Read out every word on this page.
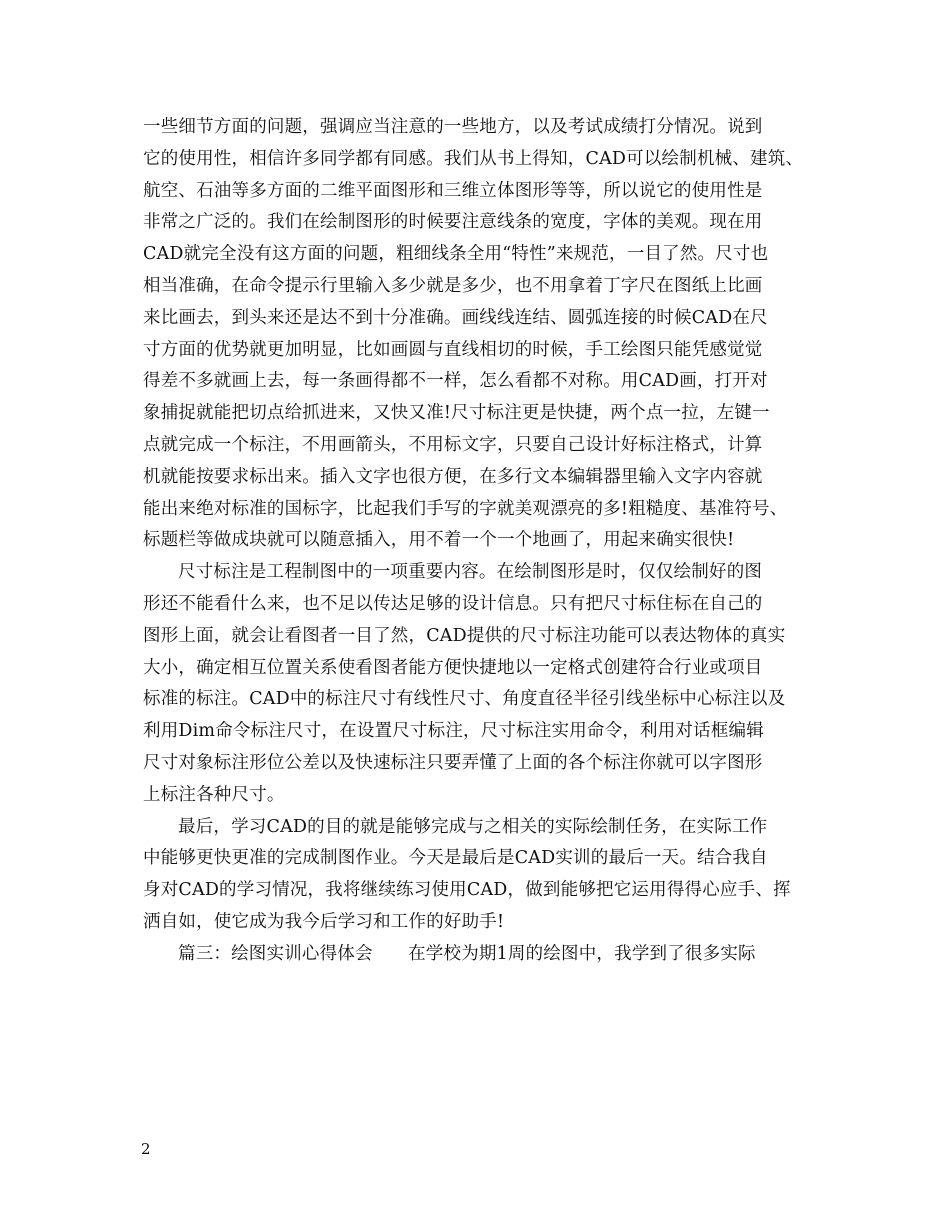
一些细节方面的问题，强调应当注意的一些地方，以及考试成绩打分情况。说到
它的使用性，相信许多同学都有同感。我们从书上得知，CAD可以绘制机械、建筑、
航空、石油等多方面的二维平面图形和三维立体图形等等，所以说它的使用性是
非常之广泛的。我们在绘制图形的时候要注意线条的宽度，字体的美观。现在用
CAD就完全没有这方面的问题，粗细线条全用“特性”来规范，一目了然。尺寸也
相当准确，在命令提示行里输入多少就是多少，也不用拿着丁字尺在图纸上比画
来比画去，到头来还是达不到十分准确。画线线连结、圆弧连接的时候CAD在尺
寸方面的优势就更加明显，比如画圆与直线相切的时候，手工绘图只能凭感觉觉
得差不多就画上去，每一条画得都不一样，怎么看都不对称。用CAD画，打开对
象捕捉就能把切点给抓进来，又快又准!尺寸标注更是快捷，两个点一拉，左键一
点就完成一个标注，不用画箭头，不用标文字，只要自己设计好标注格式，计算
机就能按要求标出来。插入文字也很方便，在多行文本编辑器里输入文字内容就
能出来绝对标准的国标字，比起我们手写的字就美观漂亮的多!粗糙度、基准符号、
标题栏等做成块就可以随意插入，用不着一个一个地画了，用起来确实很快!
尺寸标注是工程制图中的一项重要内容。在绘制图形是时，仅仅绘制好的图
形还不能看什么来，也不足以传达足够的设计信息。只有把尺寸标住标在自己的
图形上面，就会让看图者一目了然，CAD提供的尺寸标注功能可以表达物体的真实
大小，确定相互位置关系使看图者能方便快捷地以一定格式创建符合行业或项目
标准的标注。CAD中的标注尺寸有线性尺寸、角度直径半径引线坐标中心标注以及
利用Dim命令标注尺寸，在设置尺寸标注，尺寸标注实用命令，利用对话框编辑
尺寸对象标注形位公差以及快速标注只要弄懂了上面的各个标注你就可以字图形
上标注各种尺寸。
最后，学习CAD的目的就是能够完成与之相关的实际绘制任务，在实际工作
中能够更快更准的完成制图作业。今天是最后是CAD实训的最后一天。结合我自
身对CAD的学习情况，我将继续练习使用CAD，做到能够把它运用得得心应手、挥
洒自如，使它成为我今后学习和工作的好助手!
篇三：绘图实训心得体会　　在学校为期1周的绘图中，我学到了很多实际
2
